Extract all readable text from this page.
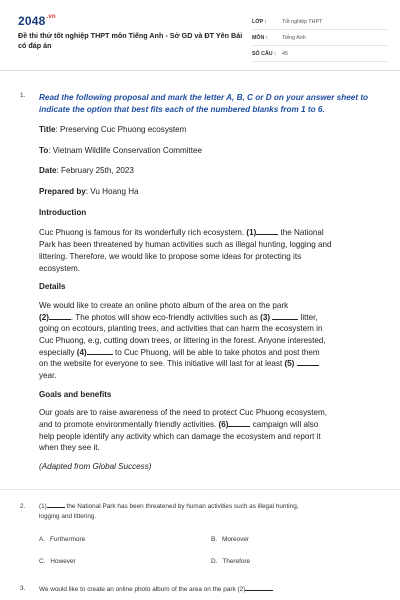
$2048^{.vn}$
Đề thi thử tốt nghiệp THPT môn Tiếng Anh - Sở GD và ĐT Yên Bái có đáp án
LỚP :	Tốt nghiệp THPT
MÔN :	Tiếng Anh
SỐ CÂU :	45
1. Read the following proposal and mark the letter A, B, C or D on your answer sheet to indicate the option that best fits each of the numbered blanks from 1 to 6.
Title: Preserving Cuc Phuong ecosystem
To: Vietnam Wildlife Conservation Committee
Date: February 25th, 2023
Prepared by: Vu Hoang Ha
Introduction
Cuc Phuong is famous for its wonderfully rich ecosystem. (1)	the National
Park has been threatened by human activities such as illegal hunting, logging and
littering. Therefore, we would like to propose some ideas for protecting its
ecosystem.
Details
We would like to create an online photo album of the area on the park
(2)	. The photos will show eco-friendly activities such as (3)	litter,
going on ecotours, planting trees, and activities that can harm the ecosystem in
Cuc Phuong, e.g, cutting down trees, or littering in the forest. Anyone interested,
especially (4)	to Cuc Phuong, will be able to take photos and post them
on the website for everyone to see. This initiative will last for at least (5)
year.
Goals and benefits
Our goals are to raise awareness of the need to protect Cuc Phuong ecosystem,
and to promote environmentally friendly activities. (6)	campaign will also
help people identify any activity which can damage the ecosystem and report it
when they see it.
(Adapted from Global Success)
2. (1)	the National Park has been threatened by human activities such as illegal hunting,
logging and littering.
A. Furthermore	B. Moreover
C. However	D. Therefore
3. We would like to create an online photo album of the area on the park (2)
